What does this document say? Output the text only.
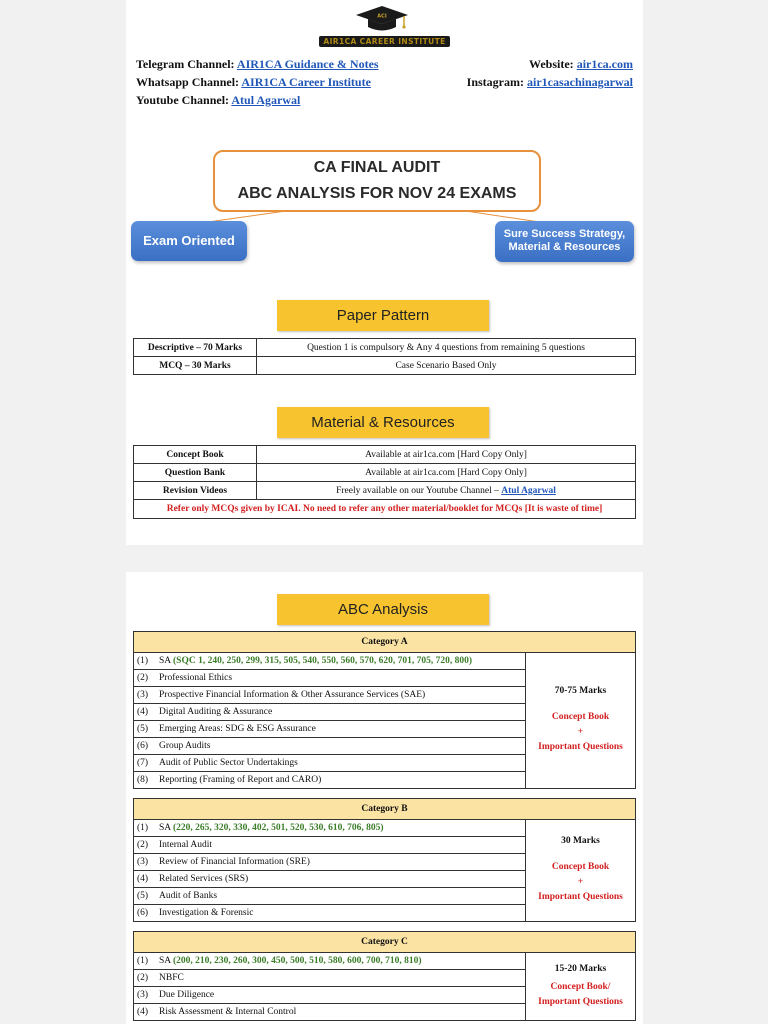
ACI
AIR1CA CAREER INSTITUTE
Telegram Channel: AIR1CA Guidance & Notes	Website: air1ca.com
Whatsapp Channel: AIR1CA Career Institute	Instagram: air1casachinagarwal
Youtube Channel: Atul Agarwal
CA FINAL AUDIT
ABC ANALYSIS FOR NOV 24 EXAMS
Exam Oriented	Sure Success Strategy,
Material & Resources
Paper Pattern
Descriptive – 70 Marks	Question 1 is compulsory & Any 4 questions from remaining 5 questions
MCQ – 30 Marks	Case Scenario Based Only
Material & Resources
Concept Book	Available at air1ca.com [Hard Copy Only]
Question Bank	Available at air1ca.com [Hard Copy Only]
Revision Videos	Freely available on our Youtube Channel – Atul Agarwal
Refer only MCQs given by ICAI. No need to refer any other material/booklet for MCQs [It is waste of time]
ABC Analysis
Category A
(1) SA (SQC 1, 240, 250, 299, 315, 505, 540, 550, 560, 570, 620, 701, 705, 720, 800)	
70-75 Marks
Concept Book
+
Important Questions

(2) Professional Ethics
(3) Prospective Financial Information & Other Assurance Services (SAE)
(4) Digital Auditing & Assurance
(5) Emerging Areas: SDG & ESG Assurance
(6) Group Audits
(7) Audit of Public Sector Undertakings
(8) Reporting (Framing of Report and CARO)
Category B
(1) SA (220, 265, 320, 330, 402, 501, 520, 530, 610, 706, 805)	
30 Marks
Concept Book
+
Important Questions

(2) Internal Audit
(3) Review of Financial Information (SRE)
(4) Related Services (SRS)
(5) Audit of Banks
(6) Investigation & Forensic
Category C
(1) SA (200, 210, 230, 260, 300, 450, 500, 510, 580, 600, 700, 710, 810)	
15-20 Marks
Concept Book/
Important Questions

(2) NBFC
(3) Due Diligence
(4) Risk Assessment & Internal Control
